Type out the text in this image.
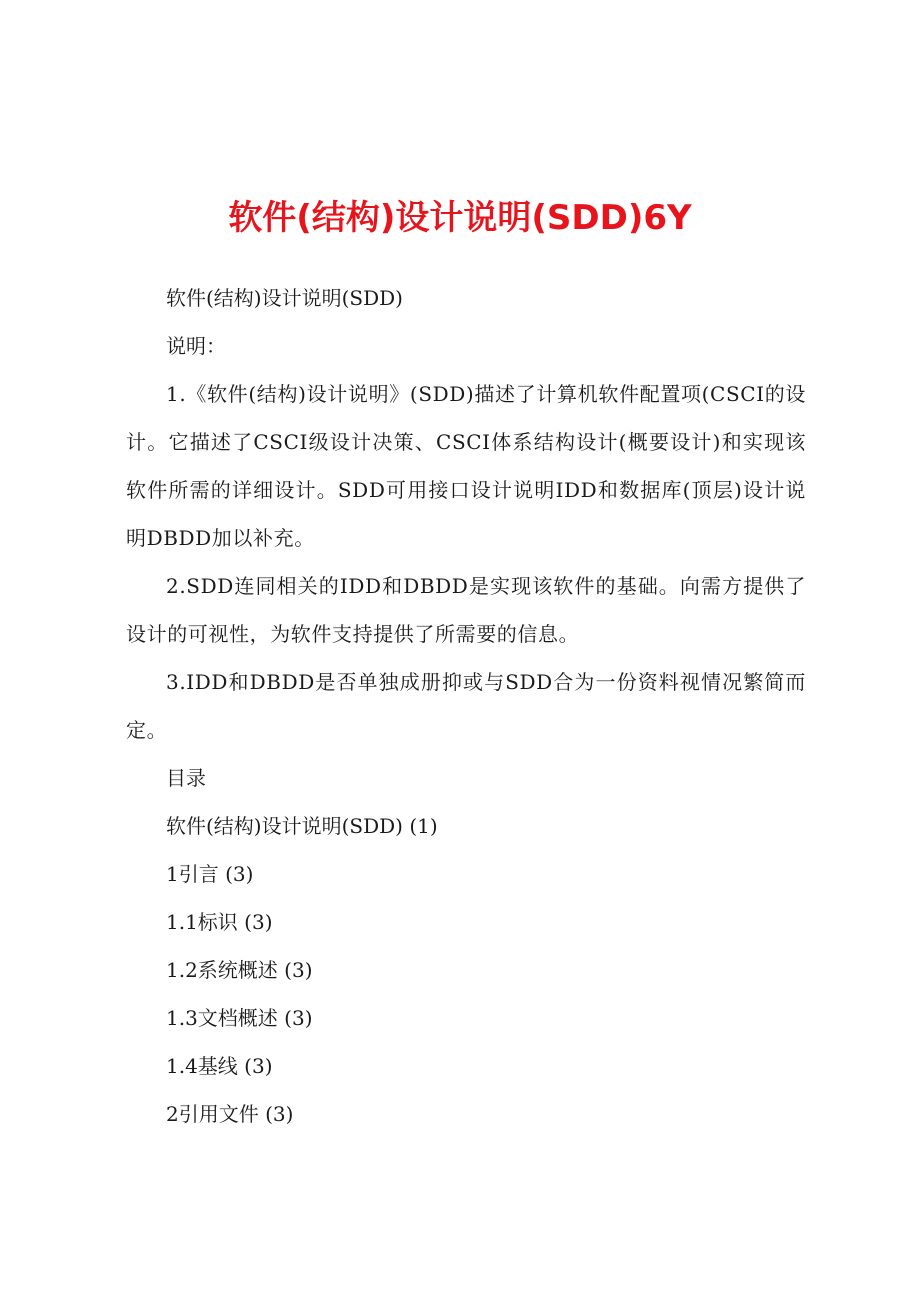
软件(结构)设计说明(SDD)6Y

软件(结构)设计说明(SDD)

说明：

1.《软件(结构)设计说明》(SDD)描述了计算机软件配置项(CSCI的设计。它描述了CSCI级设计决策、CSCI体系结构设计(概要设计)和实现该软件所需的详细设计。SDD可用接口设计说明IDD和数据库(顶层)设计说明DBDD加以补充。

2.SDD连同相关的IDD和DBDD是实现该软件的基础。向需方提供了设计的可视性，为软件支持提供了所需要的信息。

3.IDD和DBDD是否单独成册抑或与SDD合为一份资料视情况繁简而定。

目录

软件(结构)设计说明(SDD) (1)

1引言 (3)

1.1标识 (3)

1.2系统概述 (3)

1.3文档概述 (3)

1.4基线 (3)

2引用文件 (3)
